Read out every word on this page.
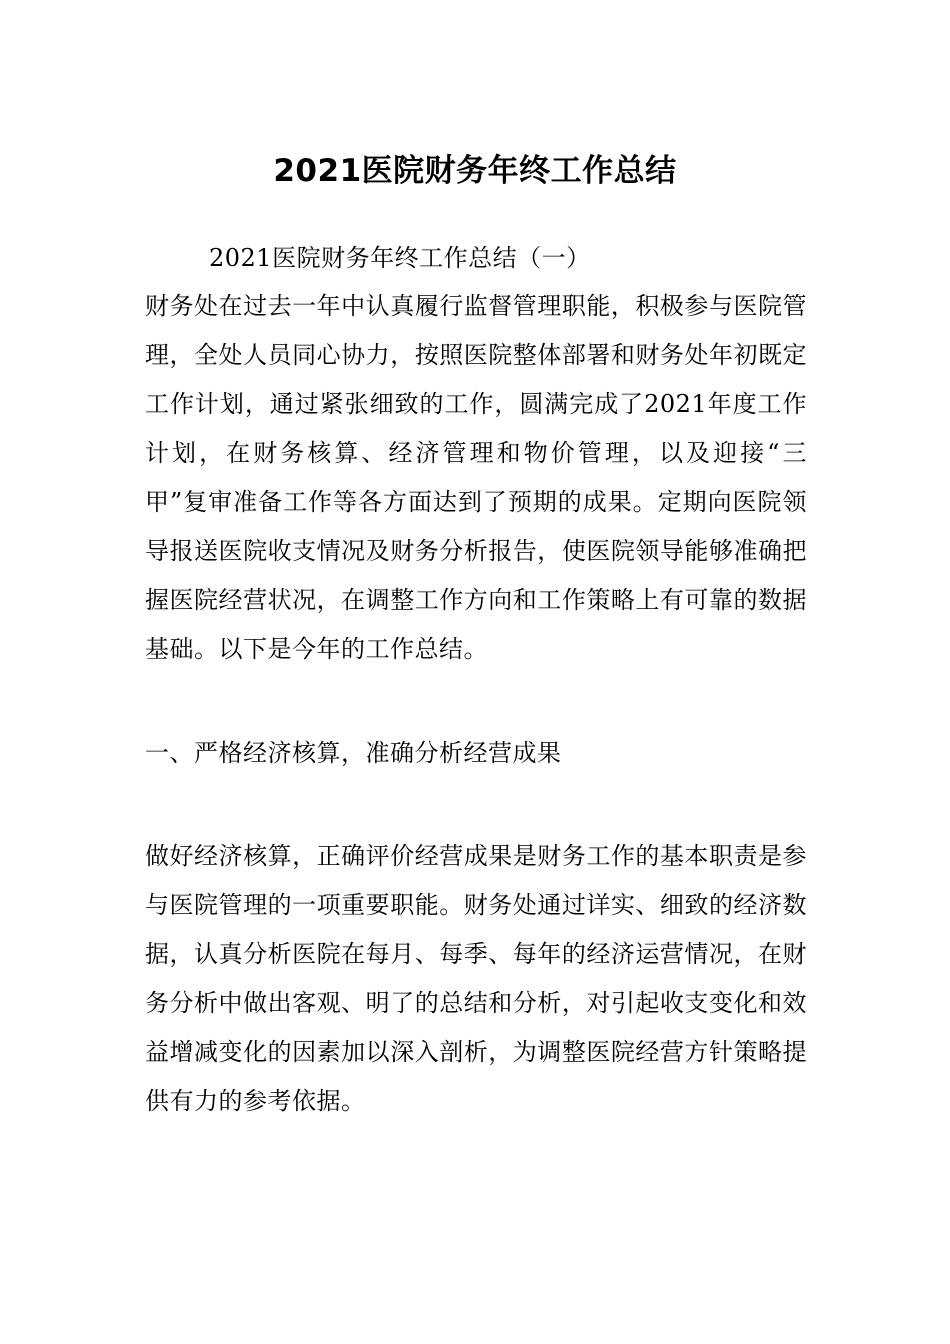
2021医院财务年终工作总结
2021医院财务年终工作总结（一）

财务处在过去一年中认真履行监督管理职能，积极参与医院管理，全处人员同心协力，按照医院整体部署和财务处年初既定工作计划，通过紧张细致的工作，圆满完成了2021年度工作计划，在财务核算、经济管理和物价管理，以及迎接“三甲”复审准备工作等各方面达到了预期的成果。定期向医院领导报送医院收支情况及财务分析报告，使医院领导能够准确把握医院经营状况，在调整工作方向和工作策略上有可靠的数据基础。以下是今年的工作总结。

一、严格经济核算，准确分析经营成果

做好经济核算，正确评价经营成果是财务工作的基本职责是参与医院管理的一项重要职能。财务处通过详实、细致的经济数据，认真分析医院在每月、每季、每年的经济运营情况，在财务分析中做出客观、明了的总结和分析，对引起收支变化和效益增减变化的因素加以深入剖析，为调整医院经营方针策略提供有力的参考依据。
